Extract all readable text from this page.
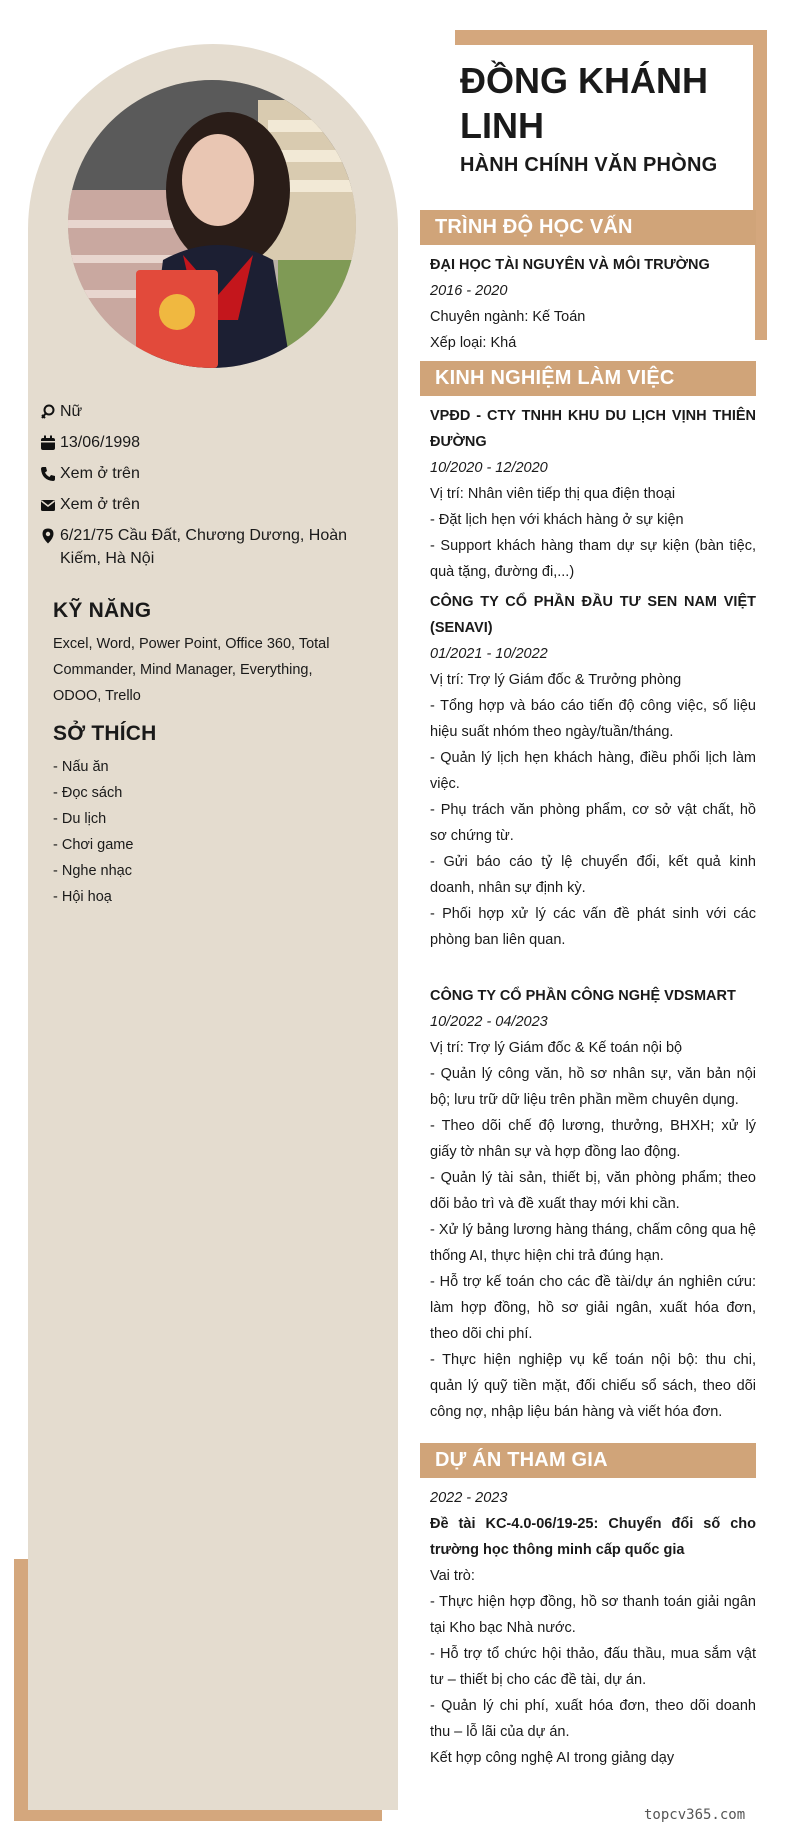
Nữ
13/06/1998
Xem ở trên
Xem ở trên
6/21/75 Cầu Đất, Chương Dương, Hoàn Kiếm, Hà Nội
KỸ NĂNG
Excel, Word, Power Point, Office 360, Total Commander, Mind Manager, Everything, ODOO, Trello
SỞ THÍCH
- Nấu ăn
- Đọc sách
- Du lịch
- Chơi game
- Nghe nhạc
- Hội hoạ
ĐỒNG KHÁNH LINH
HÀNH CHÍNH VĂN PHÒNG
TRÌNH ĐỘ HỌC VẤN
ĐẠI HỌC TÀI NGUYÊN VÀ MÔI TRƯỜNG
2016 - 2020
Chuyên ngành: Kế Toán
Xếp loại: Khá
KINH NGHIỆM LÀM VIỆC
VPĐD - CTY TNHH KHU DU LỊCH VỊNH THIÊN ĐƯỜNG
10/2020 - 12/2020
Vị trí: Nhân viên tiếp thị qua điện thoại
- Đặt lịch hẹn với khách hàng ở sự kiện
- Support khách hàng tham dự sự kiện (bàn tiệc, quà tặng, đường đi,...)
CÔNG TY CỔ PHẦN ĐẦU TƯ SEN NAM VIỆT (SENAVI)
01/2021 - 10/2022
Vị trí: Trợ lý Giám đốc & Trưởng phòng
- Tổng hợp và báo cáo tiến độ công việc, số liệu hiệu suất nhóm theo ngày/tuần/tháng.
- Quản lý lịch hẹn khách hàng, điều phối lịch làm việc.
- Phụ trách văn phòng phẩm, cơ sở vật chất, hồ sơ chứng từ.
- Gửi báo cáo tỷ lệ chuyển đổi, kết quả kinh doanh, nhân sự định kỳ.
- Phối hợp xử lý các vấn đề phát sinh với các phòng ban liên quan.
CÔNG TY CỔ PHẦN CÔNG NGHỆ VDSMART
10/2022 - 04/2023
Vị trí: Trợ lý Giám đốc & Kế toán nội bộ
- Quản lý công văn, hồ sơ nhân sự, văn bản nội bộ; lưu trữ dữ liệu trên phần mềm chuyên dụng.
- Theo dõi chế độ lương, thưởng, BHXH; xử lý giấy tờ nhân sự và hợp đồng lao động.
- Quản lý tài sản, thiết bị, văn phòng phẩm; theo dõi bảo trì và đề xuất thay mới khi cần.
- Xử lý bảng lương hàng tháng, chấm công qua hệ thống AI, thực hiện chi trả đúng hạn.
- Hỗ trợ kế toán cho các đề tài/dự án nghiên cứu: làm hợp đồng, hồ sơ giải ngân, xuất hóa đơn, theo dõi chi phí.
- Thực hiện nghiệp vụ kế toán nội bộ: thu chi, quản lý quỹ tiền mặt, đối chiếu sổ sách, theo dõi công nợ, nhập liệu bán hàng và viết hóa đơn.
DỰ ÁN THAM GIA
2022 - 2023
Đề tài KC-4.0-06/19-25: Chuyển đổi số cho trường học thông minh cấp quốc gia
Vai trò:
- Thực hiện hợp đồng, hồ sơ thanh toán giải ngân tại Kho bạc Nhà nước.
- Hỗ trợ tổ chức hội thảo, đấu thầu, mua sắm vật tư – thiết bị cho các đề tài, dự án.
- Quản lý chi phí, xuất hóa đơn, theo dõi doanh thu – lỗ lãi của dự án.
Kết hợp công nghệ AI trong giảng dạy
topcv365.com
